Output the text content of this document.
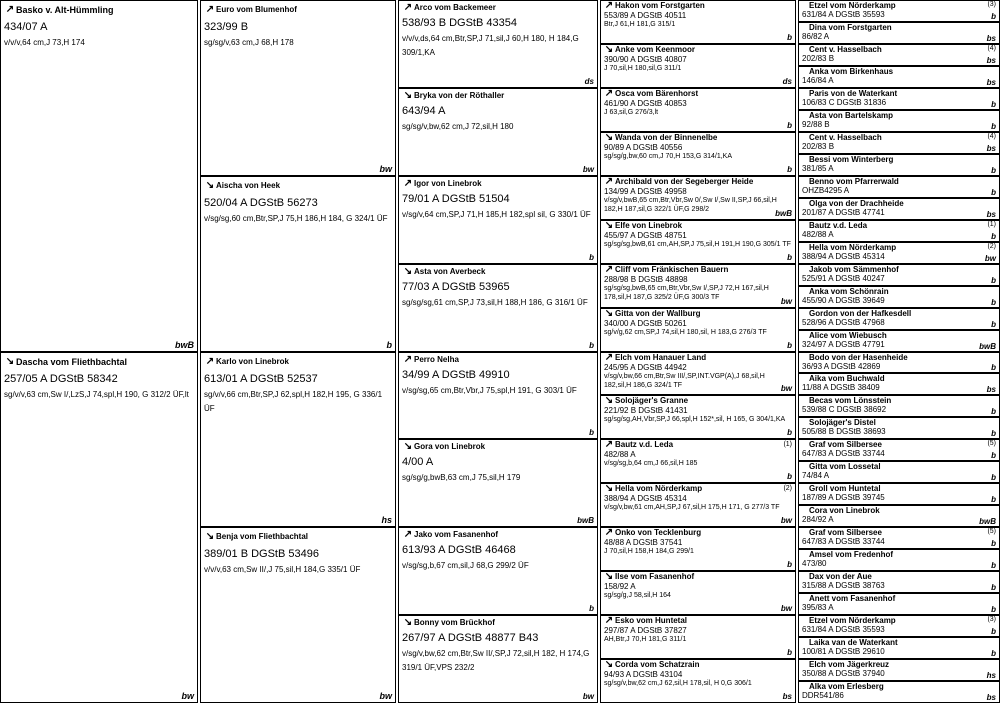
↗ Basko v. Alt-Hümmling
434/07 A
v/v/v,64 cm,J 73,H 174
bwB
↘ Dascha vom Fliethbachtal
257/05 A DGStB 58342
sg/v/v,63 cm,Sw I/,LzS,J 74,spl,H 190, G 312/2 ÜF,lt
bw
↗ Euro vom Blumenhof
323/99 B
sg/sg/v,63 cm,J 68,H 178
bw
↘ Aischa von Heek
520/04 A DGStB 56273
v/sg/sg,60 cm,Btr,SP,J 75,H 186,H 184, G 324/1 ÜF
b
↗ Karlo von Linebrok
613/01 A DGStB 52537
sg/v/v,66 cm,Btr,SP,J 62,spl,H 182,H 195, G 336/1 ÜF
hs
↘ Benja vom Fliethbachtal
389/01 B DGStB 53496
v/v/v,63 cm,Sw II/,J 75,sil,H 184,G 335/1 ÜF
bw
↗ Arco vom Backemeer
538/93 B DGStB 43354
v/v/v,ds,64 cm,Btr,SP,J 71,sil,J 60,H 180, H 184,G 309/1,KA
ds
↘ Bryka von der Röthaller
643/94 A
sg/sg/v,bw,62 cm,J 72,sil,H 180
bw
↗ Igor von Linebrok
79/01 A DGStB 51504
v/sg/v,64 cm,SP,J 71,H 185,H 182,spl sil, G 330/1 ÜF
b
↘ Asta von Averbeck
77/03 A DGStB 53965
sg/sg/sg,61 cm,SP,J 73,sil,H 188,H 186, G 316/1 ÜF
b
↗ Perro Nelha
34/99 A DGStB 49910
v/sg/sg,65 cm,Btr,Vbr,J 75,spl,H 191, G 303/1 ÜF
b
↘ Gora von Linebrok
4/00 A
sg/sg/g,bwB,63 cm,J 75,sil,H 179
bwB
↗ Jako vom Fasanenhof
613/93 A DGStB 46468
v/sg/sg,b,67 cm,sil,J 68,G 299/2 ÜF
b
↘ Bonny vom Brückhof
267/97 A DGStB 48877 B43
v/sg/v,bw,62 cm,Btr,Sw II/,SP,J 72,sil,H 182, H 174,G 319/1 ÜF,VPS 232/2
bw
↗ Hakon vom Forstgarten
553/89 A DGStB 40511
Btr,J 61,H 181,G 315/1
b
↘ Anke vom Keenmoor
390/90 A DGStB 40807
J 70,sil,H 180,sil,G 311/1
ds
↗ Osca vom Bärenhorst
461/90 A DGStB 40853
J 63,sil,G 276/3,lt
b
↘ Wanda von der Binnenelbe
90/89 A DGStB 40556
sg/sg/g,bw,60 cm,J 70,H 153,G 314/1,KA
b
↗ Archibald von der Segeberger Heide
134/99 A DGStB 49958
v/sg/v,bwB,65 cm,Btr,Vbr,Sw 0/,Sw I/,Sw II,SP,J 66,sil,H 182,H 187,sil,G 322/1 ÜF,G 298/2	bwB
↘ Elfe von Linebrok
455/97 A DGStB 48751
sg/sg/sg,bwB,61 cm,AH,SP,J 75,sil,H 191,H 190,G 305/1 TF
b
↗ Cliff vom Fränkischen Bauern
288/98 B DGStB 48898
sg/sg/sg,bwB,65 cm,Btr,Vbr,Sw I/,SP,J 72,H 167,sil,H 178,sil,H 187,G 325/2 ÜF,G 300/3 TF	bw
↘ Gitta von der Wallburg
340/00 A DGStB 50261
sg/v/g,62 cm,SP,J 74,sil,H 180,sil, H 183,G 276/3 TF
b
↗ Elch vom Hanauer Land
245/95 A DGStB 44942
v/sg/v,bw,66 cm,Btr,Sw III/,SP,INT.VGP(A),J 68,sil,H 182,sil,H 186,G 324/1 TF	bw
↘ Solojäger's Granne
221/92 B DGStB 41431
sg/sg/sg,AH,Vbr,SP,J 66,spl,H 152*,sil, H 165, G 304/1,KA
b
↗ Bautz v.d. Leda
482/88 A
v/sg/sg,b,64 cm,J 66,sil,H 185
(1)
b
↘ Hella vom Nörderkamp
388/94 A DGStB 45314
v/sg/v,bw,61 cm,AH,SP,J 67,sil,H 175,H 171, G 277/3 TF
(2)
bw
↗ Onko von Tecklenburg
48/88 A DGStB 37541
J 70,sil,H 158,H 184,G 299/1
b
↘ Ilse vom Fasanenhof
158/92 A
sg/sg/g,J 58,sil,H 164
bw
↗ Esko vom Huntetal
297/87 A DGStB 37827
AH,Btr,J 70,H 181,G 311/1
b
↘ Corda vom Schatzrain
94/93 A DGStB 43104
sg/sg/v,bw,62 cm,J 62,sil,H 178,sil, H 0,G 306/1
bs
Etzel vom Nörderkamp
631/84 A DGStB 35593
(3)
b
Dina vom Forstgarten
86/82 A	bs
Cent v. Hasselbach
202/83 B
(4)
bs
Anka vom Birkenhaus
146/84 A	bs
Paris von de Waterkant
106/83 C DGStB 31836	b
Asta von Bartelskamp
92/88 B	b
Cent v. Hasselbach
202/83 B
(4)
bs
Bessi vom Winterberg
381/85 A	b
Benno vom Pfarrerwald
ÖHZB4295 A	b
Olga von der Drachheide
201/87 A DGStB 47741	bs
Bautz v.d. Leda
482/88 A
(1)
b
Hella vom Nörderkamp
388/94 A DGStB 45314
(2)
bw
Jakob vom Sämmenhof
525/91 A DGStB 40247	b
Anka vom Schönrain
455/90 A DGStB 39649	b
Gordon von der Hafkesdell
528/96 A DGStB 47968	b
Alice vom Wiebusch
324/97 A DGStB 47791	bwB
Bodo von der Hasenheide
36/93 A DGStB 42869	b
Aika vom Buchwald
11/88 A DGStB 38409	bs
Becas vom Lönsstein
539/88 C DGStB 38692	b
Solojäger's Distel
505/88 B DGStB 38693	b
Graf vom Silbersee
647/83 A DGStB 33744
(5)
b
Gitta vom Lossetal
74/84 A	b
Groll vom Huntetal
187/89 A DGStB 39745	b
Cora von Linebrok
284/92 A	bwB
Graf vom Silbersee
647/83 A DGStB 33744
(5)
b
Amsel vom Fredenhof
473/80	b
Dax von der Aue
315/88 A DGStB 38763	b
Anett vom Fasanenhof
395/83 A	b
Etzel vom Nörderkamp
631/84 A DGStB 35593
(3)
b
Laika van de Waterkant
100/81 A DGStB 29610	b
Elch vom Jägerkreuz
350/88 A DGStB 37940	hs
Alka vom Erlesberg
DDR541/86	bs
